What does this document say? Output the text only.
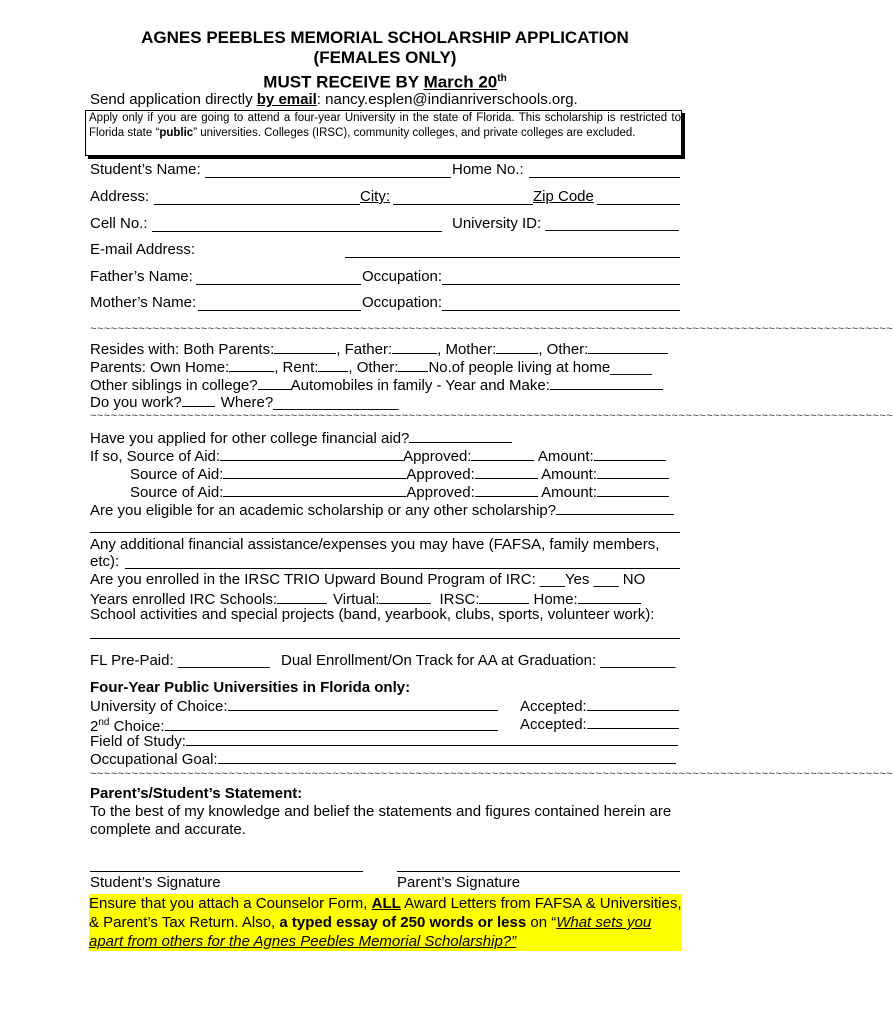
AGNES PEEBLES MEMORIAL SCHOLARSHIP APPLICATION
(FEMALES ONLY)
MUST RECEIVE BY March 20th
Send application directly by email: nancy.esplen@indianriverschools.org.

Apply only if you are going to attend a four-year University in the state of Florida. This scholarship is restricted to Florida state “public” universities. Colleges (IRSC), community colleges, and private colleges are excluded.

Student’s Name:	Home No.:
Address:	City:	Zip Code
Cell No.:	University ID: ________________
E-mail Address:
Father’s Name:	Occupation:
Mother’s Name:	Occupation:
~~~~~~~~~~~~~~~~~~~~~~~~~~~~~~~~~~~~~~~~~~~~~~~~~~~~~~~~~~~~~~~~~~~~~~~~~~~~~~~~~~~~~~~~~~~~~~~~~~~~~~~~~~~~~~~~~~~~
Resides with: Both Parents:	, Father:	, Mother:	, Other:
Parents: Own Home:	, Rent: , Other: No.of people living at home_____
Other siblings in college? Automobiles in family - Year and Make:
Do you work?	Where?_______________
~~~~~~~~~~~~~~~~~~~~~~~~~~~~~~~~~~~~~~~~~~~~~~~~~~~~~~~~~~~~~~~~~~~~~~~~~~~~~~~~~~~~~~~~~~~~~~~~~~~~~~~~~~~~~~~~~~~~
Have you applied for other college financial aid?
If so, Source of Aid:	Approved:	Amount:
Source of Aid:	Approved:	Amount:
Source of Aid:	Approved:	Amount:
Are you eligible for an academic scholarship or any other scholarship?
Any additional financial assistance/expenses you may have (FAFSA, family members,
etc):
Are you enrolled in the IRSC TRIO Upward Bound Program of IRC: ___Yes ___ NO
Years enrolled IRC Schools:	Virtual:	IRSC:	Home:
School activities and special projects (band, yearbook, clubs, sports, volunteer work):
FL Pre-Paid: ___________ Dual Enrollment/On Track for AA at Graduation: _________
Four-Year Public Universities in Florida only:
University of Choice:	Accepted:
2nd Choice:	Accepted:
Field of Study:
Occupational Goal:
~~~~~~~~~~~~~~~~~~~~~~~~~~~~~~~~~~~~~~~~~~~~~~~~~~~~~~~~~~~~~~~~~~~~~~~~~~~~~~~~~~~~~~~~~~~~~~~~~~~~~~~~~~~~~~~~~~~~
Parent’s/Student’s Statement:
To the best of my knowledge and belief the statements and figures contained herein are
complete and accurate.
Student’s Signature	Parent’s Signature

Ensure that you attach a Counselor Form, ALL Award Letters from FAFSA & Universities,
& Parent’s Tax Return. Also, a typed essay of 250 words or less on “What sets you apart from others for the Agnes Peebles Memorial Scholarship?”
